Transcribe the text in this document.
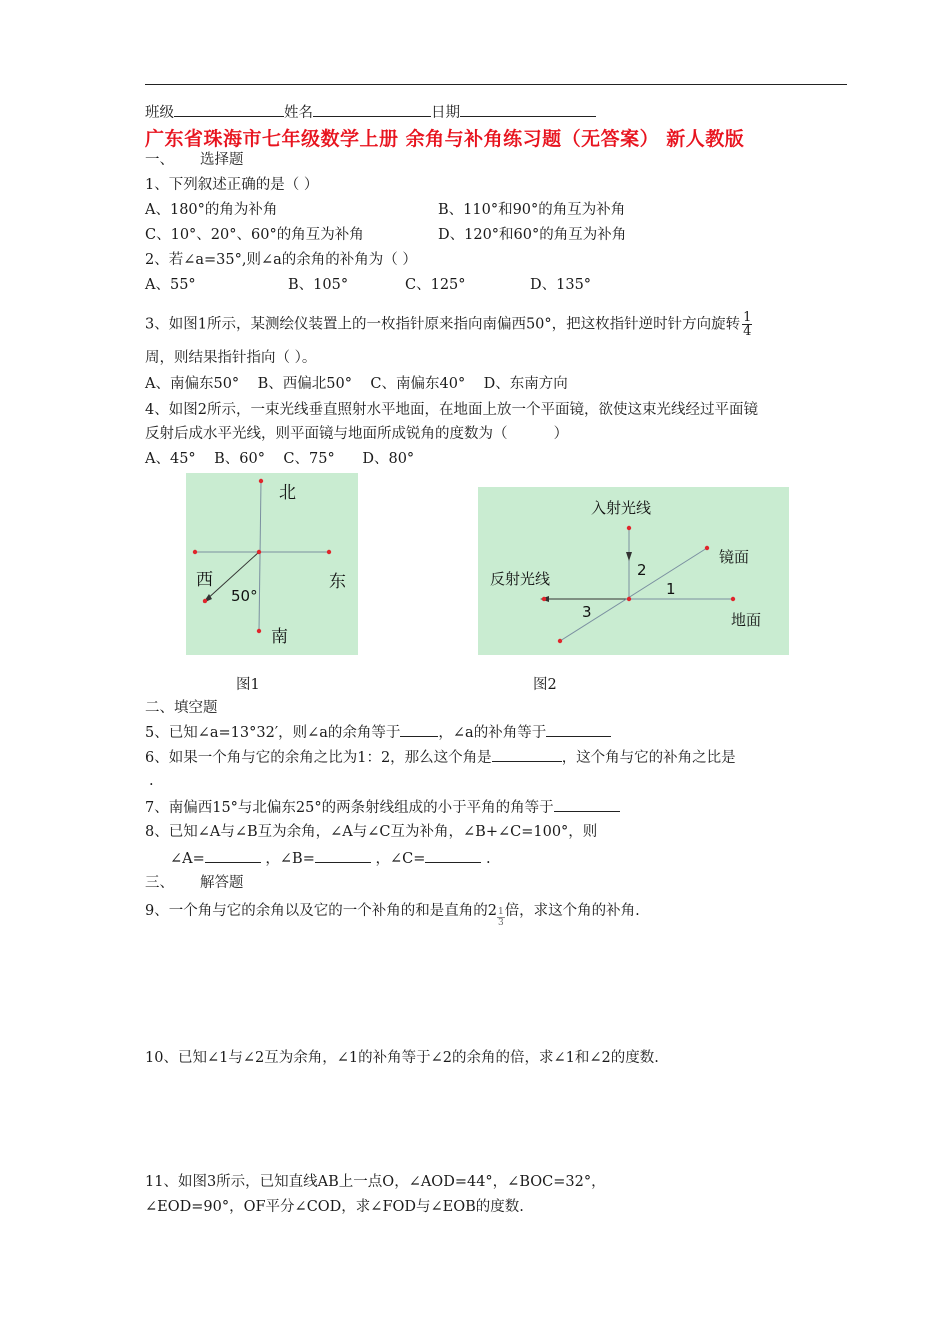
班级	姓名	日期
广东省珠海市七年级数学上册 余角与补角练习题（无答案） 新人教版
一、 选择题
1、下列叙述正确的是（ ）
A、180°的角为补角	B、110°和90°的角互为补角
C、10°、20°、60°的角互为补角	D、120°和60°的角互为补角
2、若∠a=35°,则∠a的余角的补角为（ ）
A、55°	B、105°	C、125°	D、135°
3、如图1所示，某测绘仪装置上的一枚指针原来指向南偏西50°，把这枚指针逆时针方向旋转 $\frac{1}{4}$
周，则结果指针指向（ ）。
A、南偏东50°    B、西偏北50°    C、南偏东40°    D、东南方向
4、如图2所示，一束光线垂直照射水平地面，在地面上放一个平面镜，欲使这束光线经过平面镜
反射后成水平光线，则平面镜与地面所成锐角的度数为（          ）
A、45°    B、60°    C、75°      D、80°
北
西	东
南
50°
图1
入射光线
镜面
反射光线
地面
1
2
3
图2
二、填空题
5、已知∠a=13°32′，则∠a的余角等于	，∠a的补角等于
6、如果一个角与它的余角之比为1：2，那么这个角是	，这个角与它的补角之比是
.
7、南偏西15°与北偏东25°的两条射线组成的小于平角的角等于
8、已知∠A与∠B互为余角，∠A与∠C互为补角，∠B+∠C=100°，则
∠A=	，∠B=	，∠C=	.
三、 解答题
9、一个角与它的余角以及它的一个补角的和是直角的$2 \frac{1}{3}$ 倍，求这个角的补角.
10、已知∠1与∠2互为余角，∠1的补角等于∠2的余角的倍，求∠1和∠2的度数.
11、如图3所示，已知直线AB上一点O，∠AOD=44°，∠BOC=32°，
∠EOD=90°，OF平分∠COD，求∠FOD与∠EOB的度数.
